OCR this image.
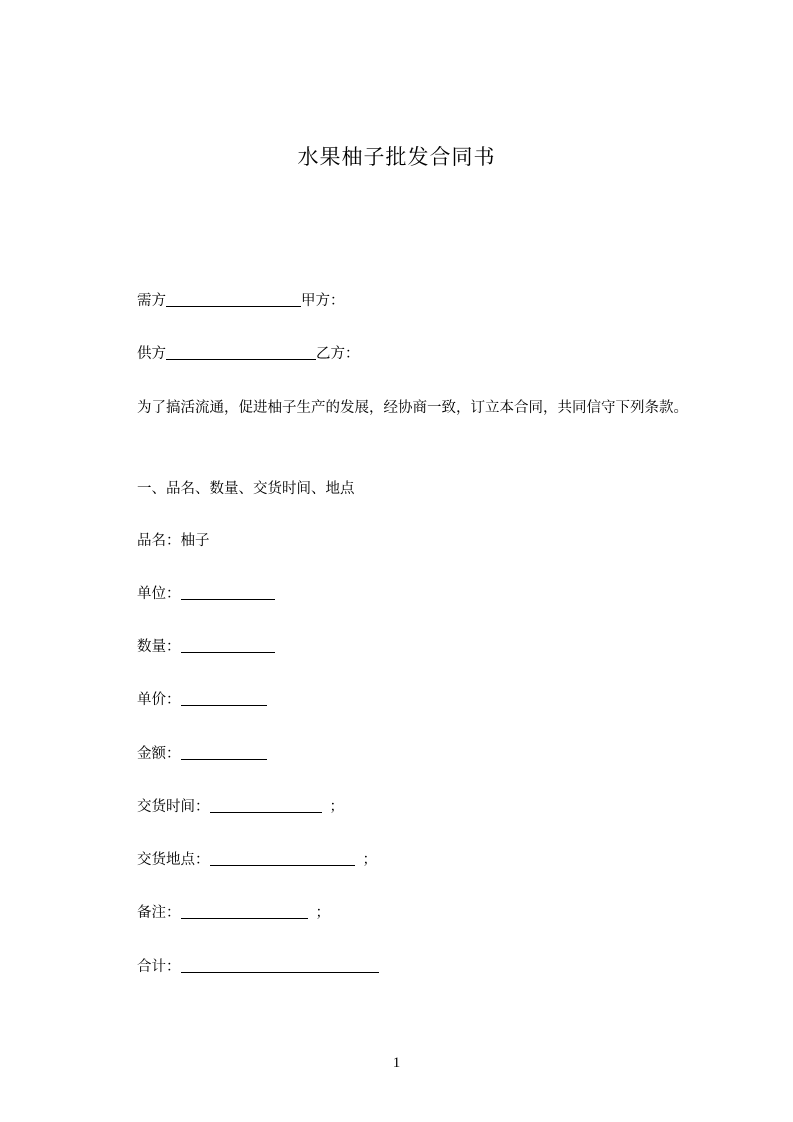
水果柚子批发合同书
需方	甲方：
供方	乙方：
为了搞活流通，促进柚子生产的发展，经协商一致，订立本合同，共同信守下列条款。
一、品名、数量、交货时间、地点
品名：柚子
单位：
数量：
单价：
金额：
交货时间：	；
交货地点：	；
备注：	；
合计：
1
